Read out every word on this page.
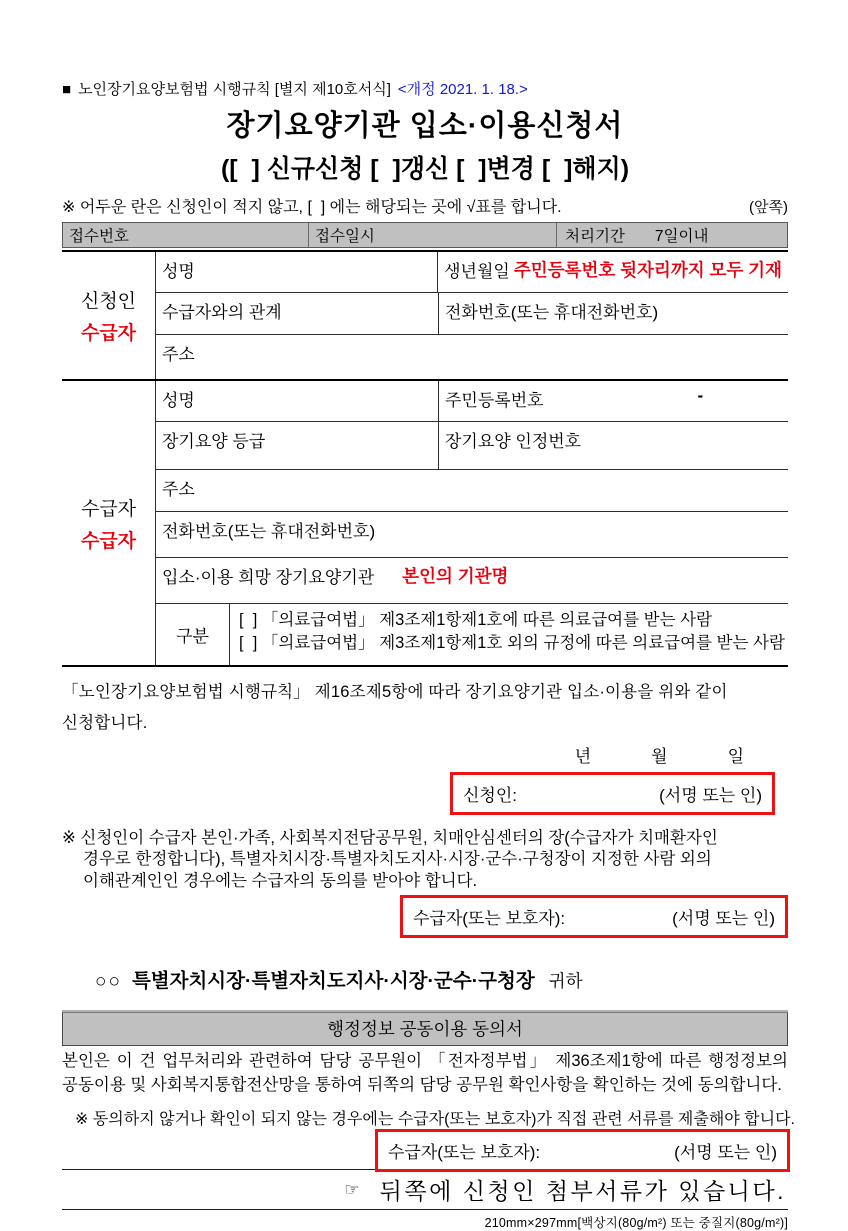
■ 노인장기요양보험법 시행규칙 [별지 제10호서식] <개정 2021. 1. 18.>
장기요양기관 입소·이용신청서
([  ] 신규신청 [  ]갱신 [  ]변경 [  ]해지)
※ 어두운 란은 신청인이 적지 않고, [  ] 에는 해당되는 곳에 √표를 합니다.	(앞쪽)
접수번호	접수일시	처리기간 7일이내
신청인
수급자
성명	생년월일 주민등록번호 뒷자리까지 모두 기재
수급자와의 관계	전화번호(또는 휴대전화번호)
주소
수급자
수급자
성명	주민등록번호	-
장기요양 등급	장기요양 인정번호
주소
전화번호(또는 휴대전화번호)
입소·이용 희망 장기요양기관 본인의 기관명
구분
[  ] 「의료급여법」 제3조제1항제1호에 따른 의료급여를 받는 사람
[  ] 「의료급여법」 제3조제1항제1호 외의 규정에 따른 의료급여를 받는 사람
「노인장기요양보험법 시행규칙」 제16조제5항에 따라 장기요양기관 입소·이용을 위와 같이 신청합니다.
년	월	일
신청인:	(서명 또는 인)
※ 신청인이 수급자 본인·가족, 사회복지전담공무원, 치매안심센터의 장(수급자가 치매환자인 경우로 한정합니다), 특별자치시장·특별자치도지사·시장·군수·구청장이 지정한 사람 외의 이해관계인인 경우에는 수급자의 동의를 받아야 합니다.
수급자(또는 보호자):	(서명 또는 인)
○○ 특별자치시장·특별자치도지사·시장·군수·구청장 귀하
행정정보 공동이용 동의서
본인은 이 건 업무처리와 관련하여 담당 공무원이 「전자정부법」 제36조제1항에 따른 행정정보의 공동이용 및 사회복지통합전산망을 통하여 뒤쪽의 담당 공무원 확인사항을 확인하는 것에 동의합니다.
※ 동의하지 않거나 확인이 되지 않는 경우에는 수급자(또는 보호자)가 직접 관련 서류를 제출해야 합니다.
수급자(또는 보호자):	(서명 또는 인)
☞ 뒤쪽에 신청인 첨부서류가 있습니다.
210mm×297mm[백상지(80g/m²) 또는 중질지(80g/m²)]
